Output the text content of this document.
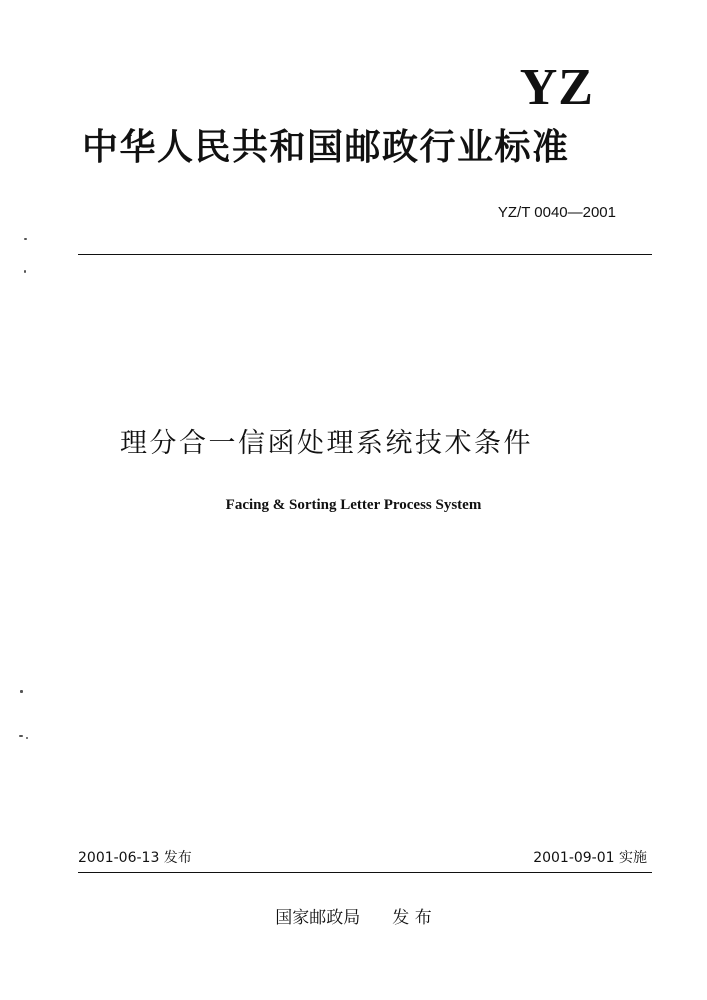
YZ
中华人民共和国邮政行业标准
YZ/T 0040—2001
理分合一信函处理系统技术条件
Facing & Sorting Letter Process System
2001-06-13 发布	2001-09-01 实施
国家邮政局 发 布
